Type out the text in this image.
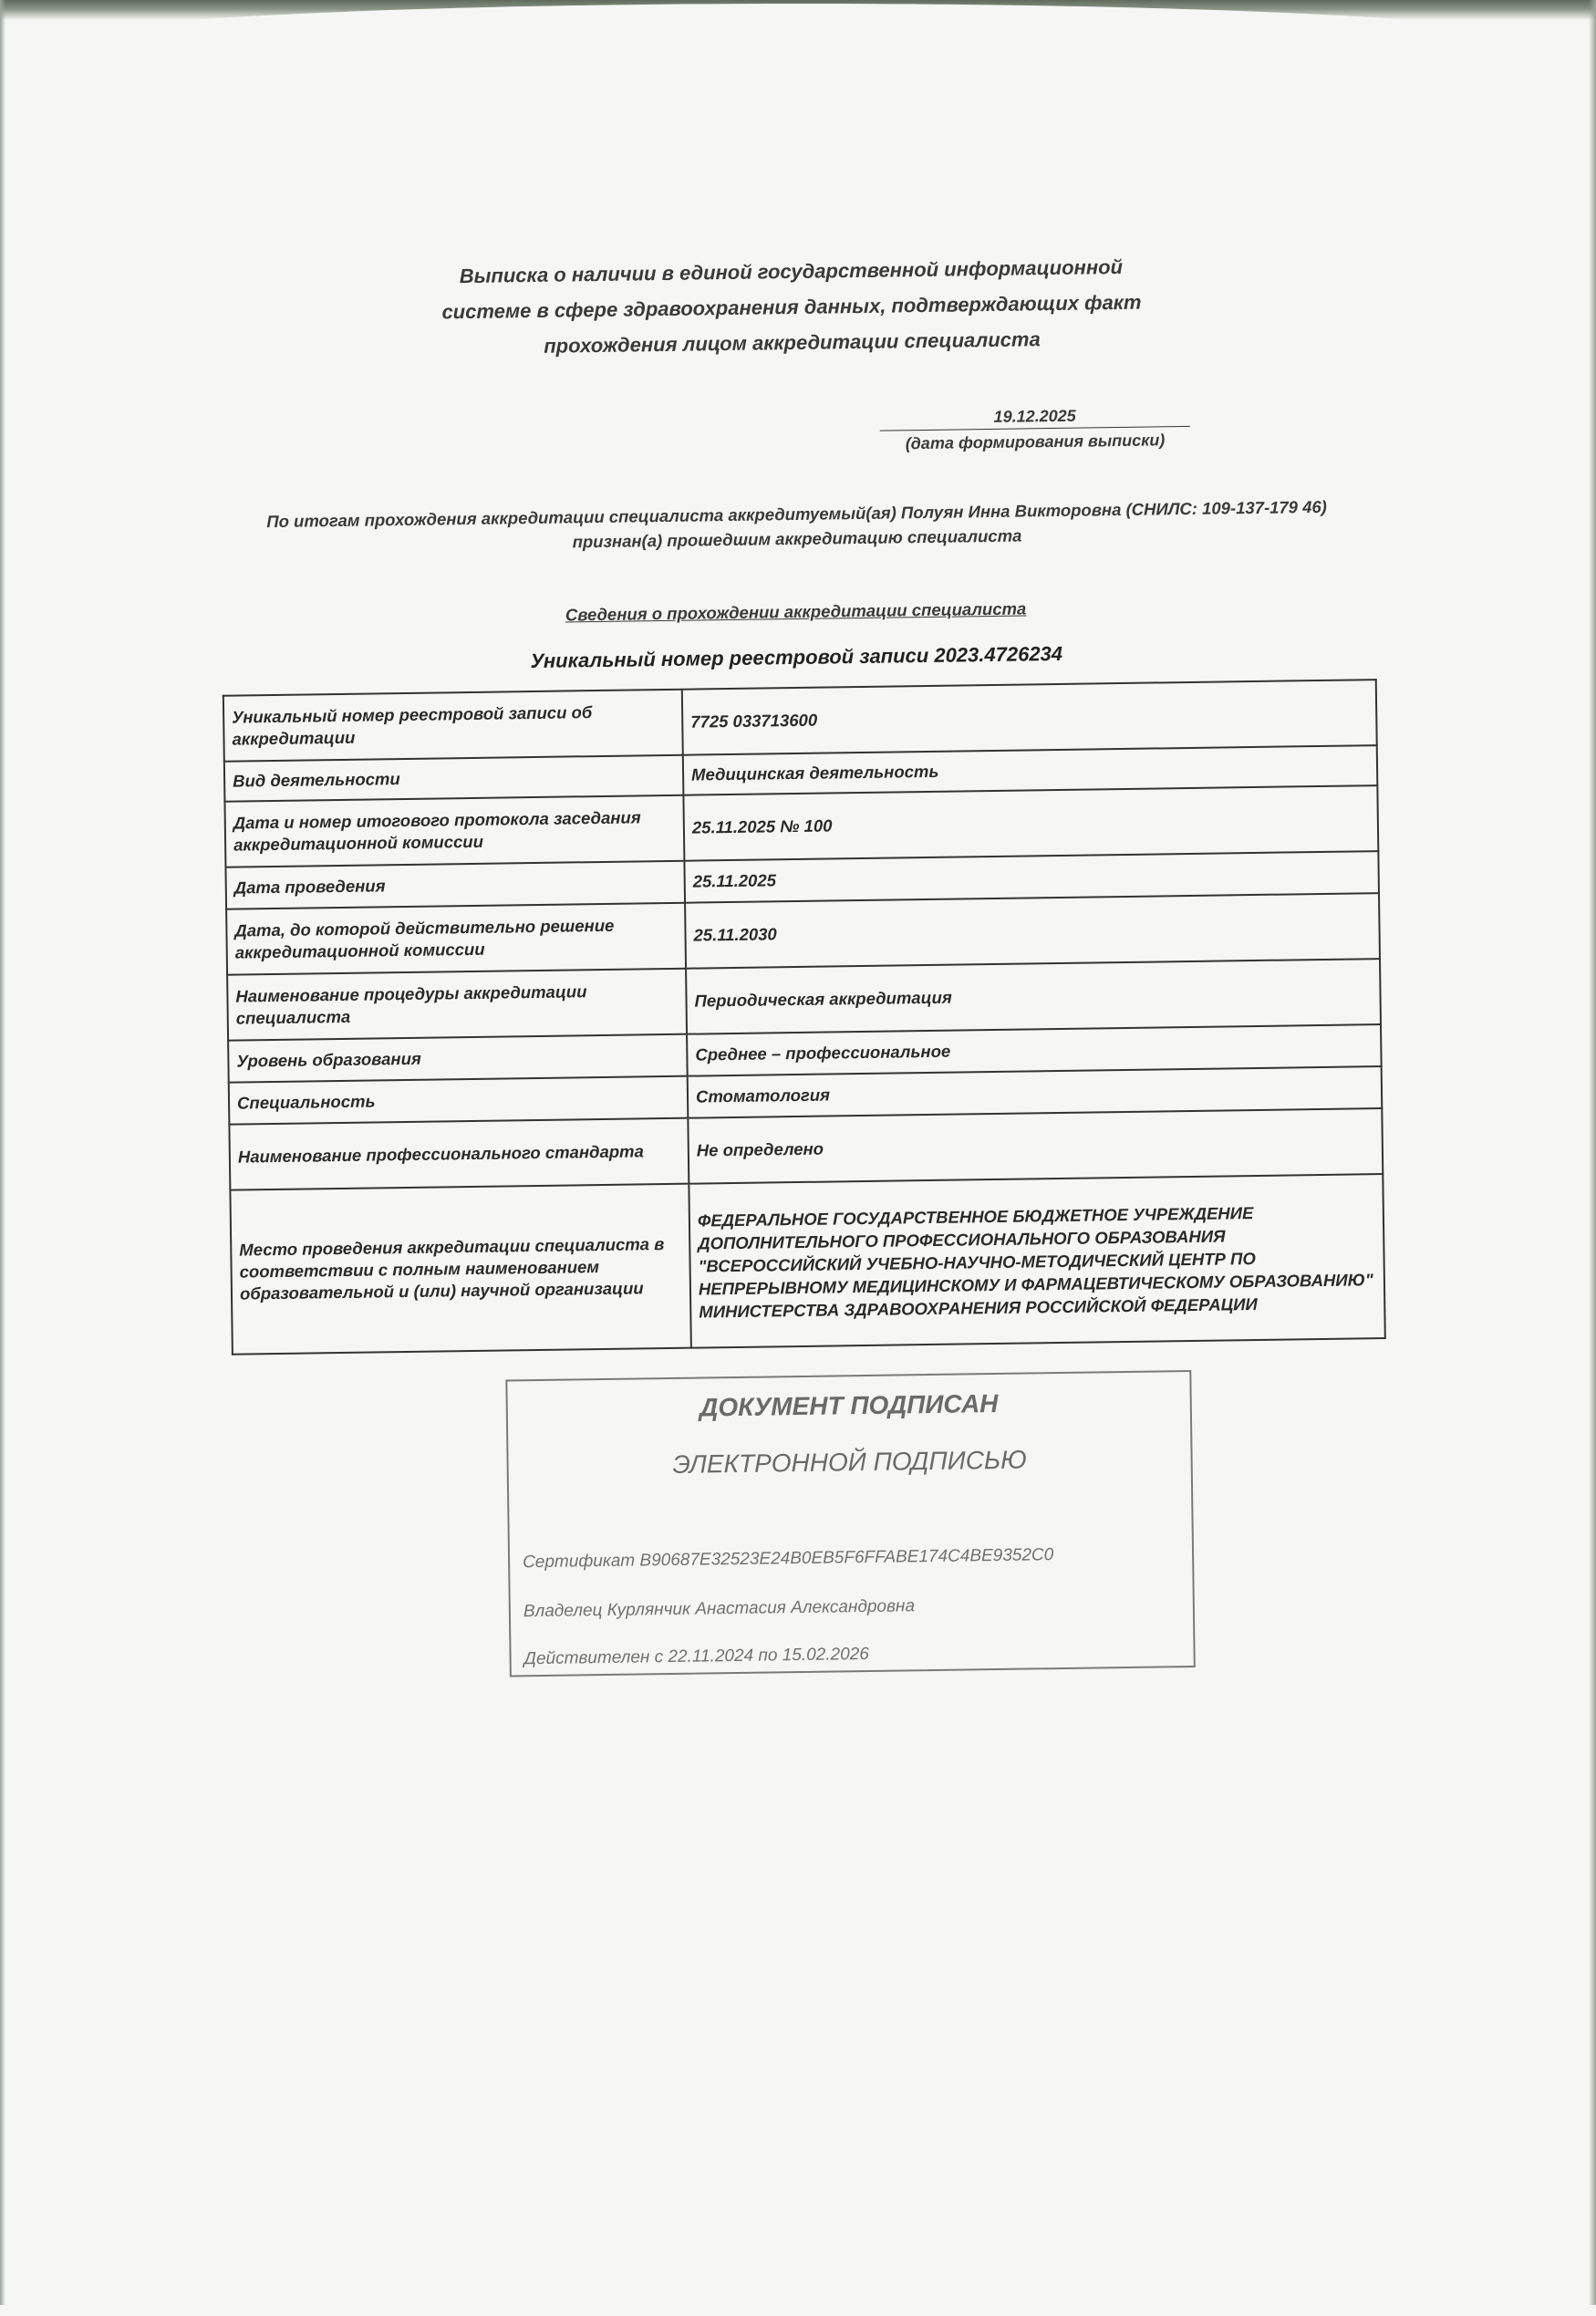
Выписка о наличии в единой государственной информационной
системе в сфере здравоохранения данных, подтверждающих факт
прохождения лицом аккредитации специалиста
19.12.2025
(дата формирования выписки)
По итогам прохождения аккредитации специалиста аккредитуемый(ая) Полуян Инна Викторовна (СНИЛС: 109-137-179 46) признан(а) прошедшим аккредитацию специалиста
Сведения о прохождении аккредитации специалиста
Уникальный номер реестровой записи 2023.4726234
Уникальный номер реестровой записи об аккредитации	7725 033713600
Вид деятельности	Медицинская деятельность
Дата и номер итогового протокола заседания аккредитационной комиссии	25.11.2025 № 100
Дата проведения	25.11.2025
Дата, до которой действительно решение аккредитационной комиссии	25.11.2030
Наименование процедуры аккредитации специалиста	Периодическая аккредитация
Уровень образования	Среднее – профессиональное
Специальность	Стоматология
Наименование профессионального стандарта	Не определено
Место проведения аккредитации специалиста в соответствии с полным наименованием образовательной и (или) научной организации	ФЕДЕРАЛЬНОЕ ГОСУДАРСТВЕННОЕ БЮДЖЕТНОЕ УЧРЕЖДЕНИЕ ДОПОЛНИТЕЛЬНОГО ПРОФЕССИОНАЛЬНОГО ОБРАЗОВАНИЯ "ВСЕРОССИЙСКИЙ УЧЕБНО-НАУЧНО-МЕТОДИЧЕСКИЙ ЦЕНТР ПО НЕПРЕРЫВНОМУ МЕДИЦИНСКОМУ И ФАРМАЦЕВТИЧЕСКОМУ ОБРАЗОВАНИЮ" МИНИСТЕРСТВА ЗДРАВООХРАНЕНИЯ РОССИЙСКОЙ ФЕДЕРАЦИИ
ДОКУМЕНТ ПОДПИСАН
ЭЛЕКТРОННОЙ ПОДПИСЬЮ
Сертификат B90687E32523E24B0EB5F6FFABE174C4BE9352C0
Владелец Курлянчик Анастасия Александровна
Действителен с 22.11.2024 по 15.02.2026
